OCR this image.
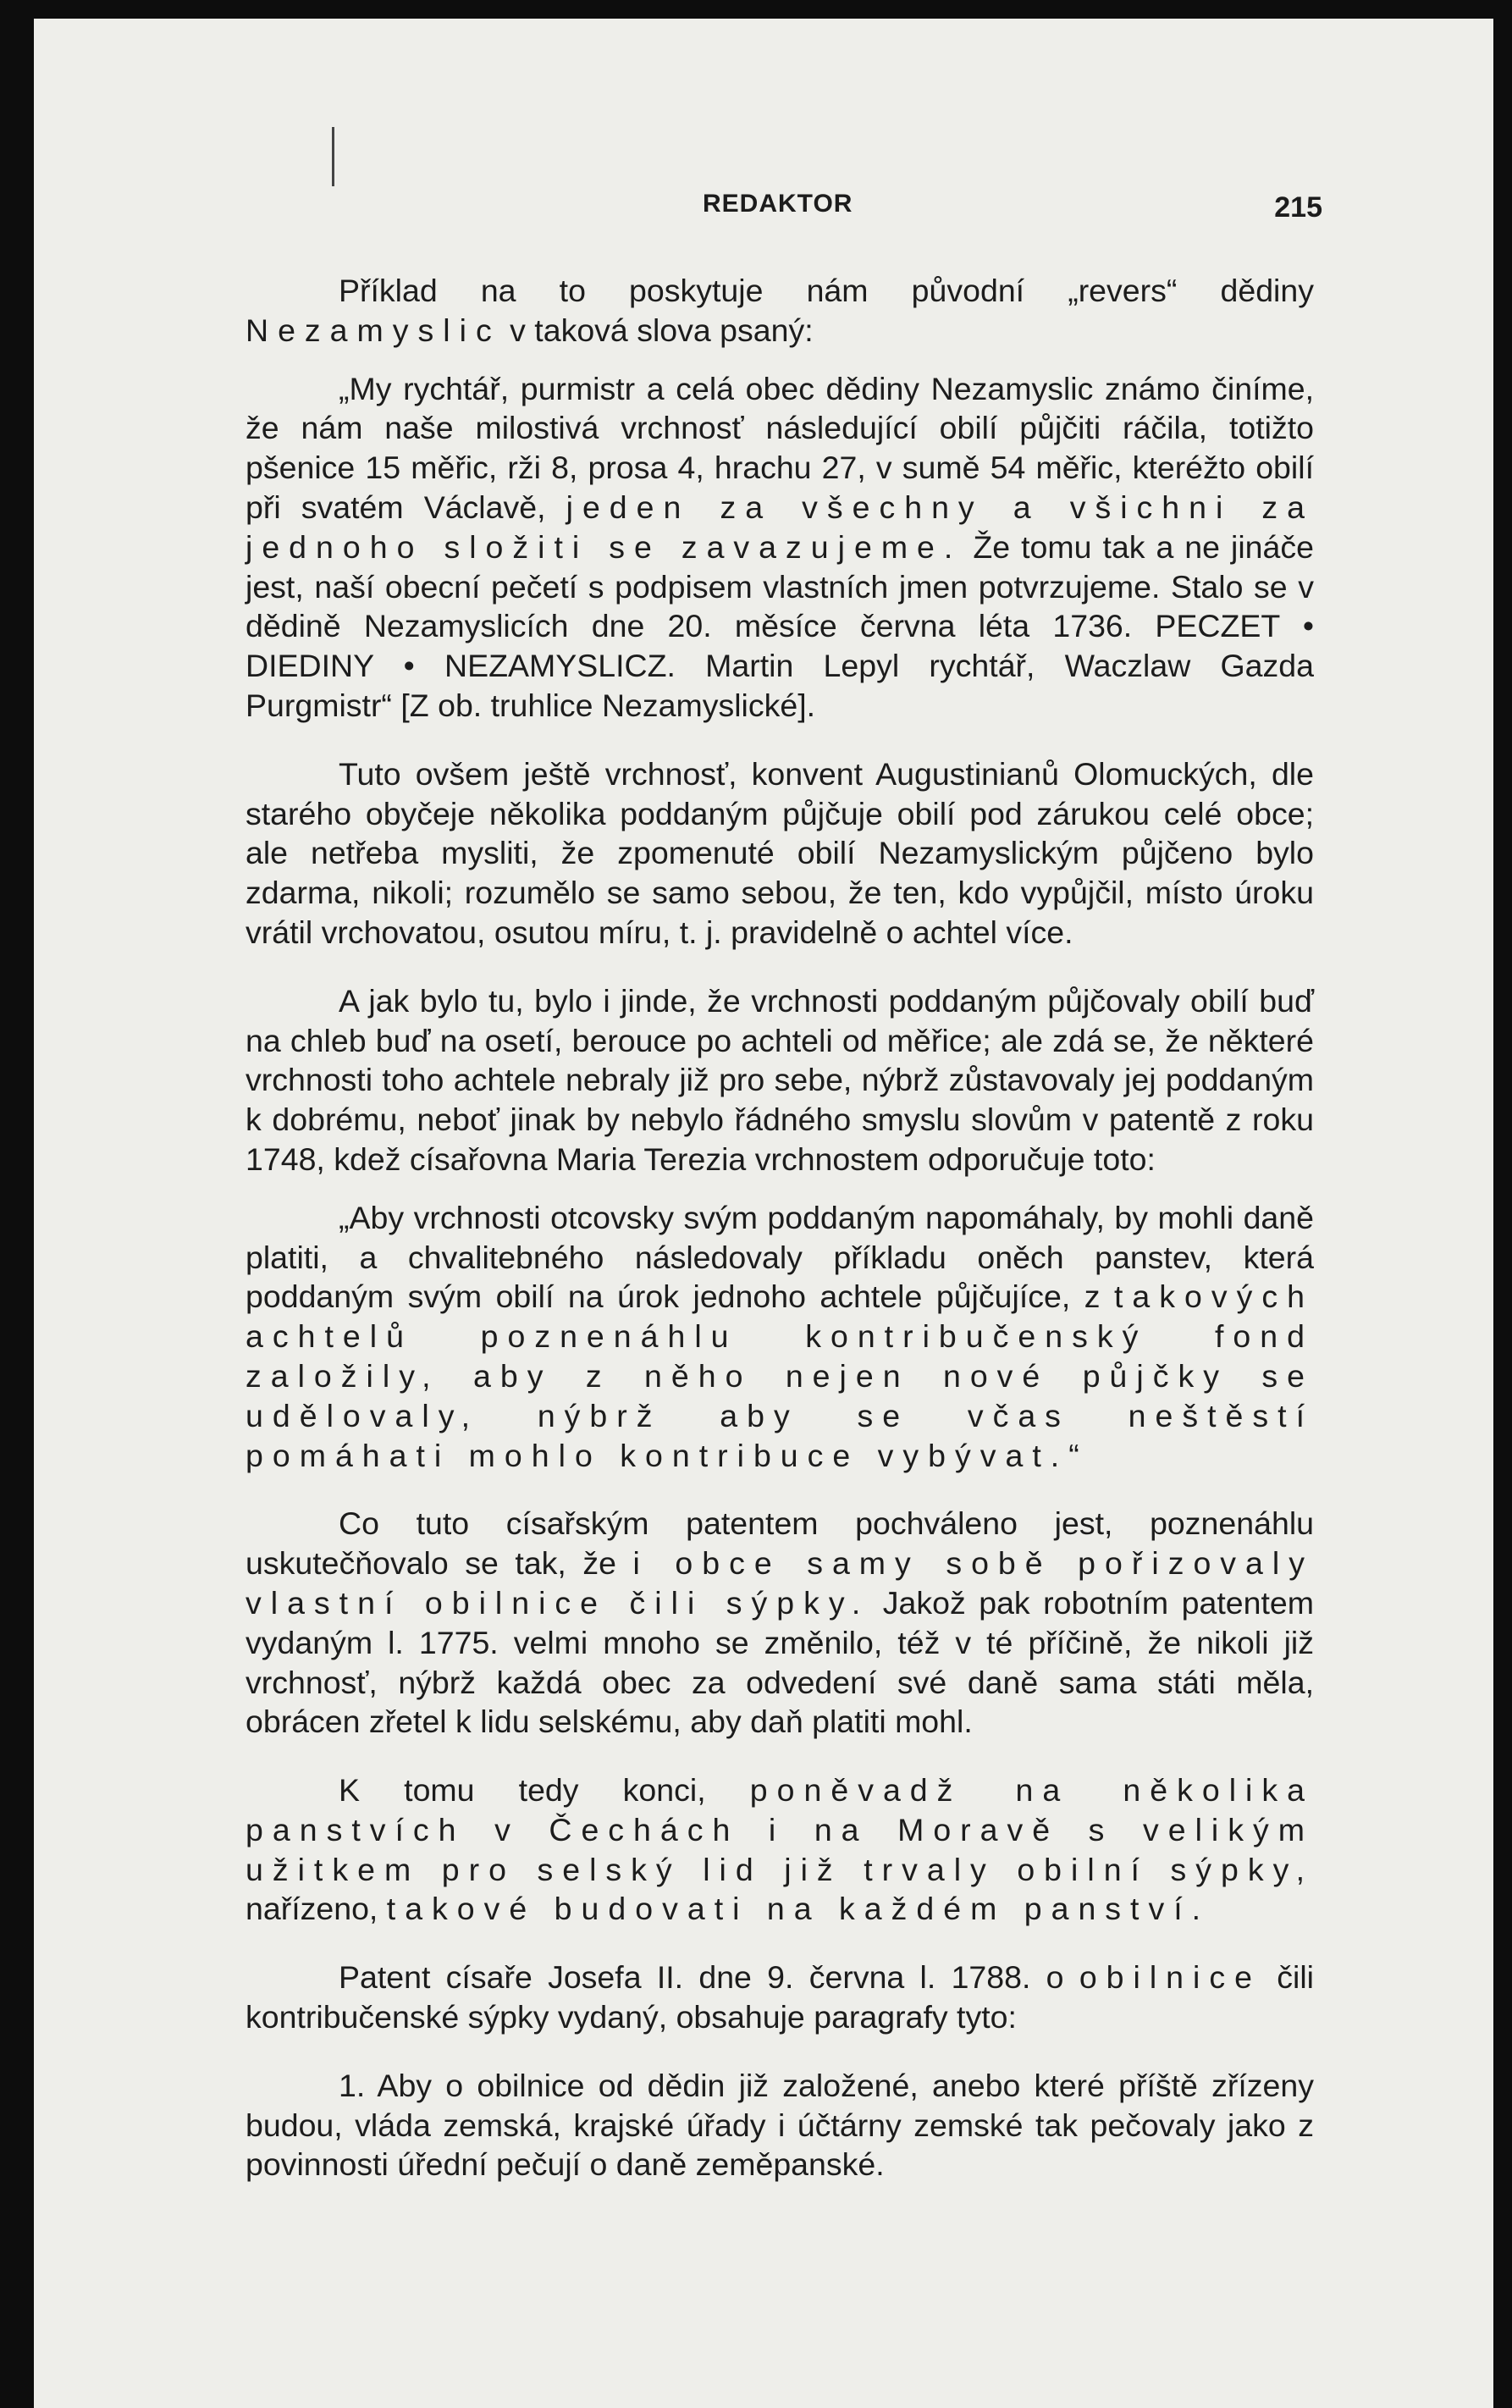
REDAKTOR	215

Příklad na to poskytuje nám původní „revers“ dědiny Nezamyslic v taková slova psaný:

„My rychtář, purmistr a celá obec dědiny Nezamyslic známo činíme, že nám naše milostivá vrchnosť následující obilí půjčiti ráčila, totižto pšenice 15 měřic, rži 8, prosa 4, hrachu 27, v sumě 54 měřic, kteréžto obilí při svatém Václavě, jeden za všechny a všichni za jednoho složiti se zavazujeme. Že tomu tak a ne jináče jest, naší obecní pečetí s podpisem vlastních jmen potvrzujeme. Stalo se v dědině Nezamyslicích dne 20. měsíce června léta 1736. PECZET • DIEDINY • NEZAMYSLICZ. Martin Lepyl rychtář, Waczlaw Gazda Purgmistr“ [Z ob. truhlice Nezamyslické].

Tuto ovšem ještě vrchnosť, konvent Augustinianů Olomuckých, dle starého obyčeje několika poddaným půjčuje obilí pod zárukou celé obce; ale netřeba mysliti, že zpomenuté obilí Nezamyslickým půjčeno bylo zdarma, nikoli; rozumělo se samo sebou, že ten, kdo vypůjčil, místo úroku vrátil vrchovatou, osutou míru, t. j. pravidelně o achtel více.

A jak bylo tu, bylo i jinde, že vrchnosti poddaným půjčovaly obilí buď na chleb buď na osetí, berouce po achteli od měřice; ale zdá se, že některé vrchnosti toho achtele nebraly již pro sebe, nýbrž zůstavovaly jej poddaným k dobrému, neboť jinak by nebylo řádného smyslu slovům v patentě z roku 1748, kdež císařovna Maria Terezia vrchnostem odporučuje toto:

„Aby vrchnosti otcovsky svým poddaným napomáhaly, by mohli daně platiti, a chvalitebného následovaly příkladu oněch panstev, která poddaným svým obilí na úrok jednoho achtele půjčujíce, z takových achtelů poznenáhlu kontribučenský fond založily, aby z něho nejen nové půjčky se udělovaly, nýbrž aby se včas neštěstí pomáhati mohlo kontribuce vybývat.“

Co tuto císařským patentem pochváleno jest, poznenáhlu uskutečňovalo se tak, že i obce samy sobě pořizovaly vlastní obilnice čili sýpky. Jakož pak robotním patentem vydaným l. 1775. velmi mnoho se změnilo, též v té příčině, že nikoli již vrchnosť, nýbrž každá obec za odvedení své daně sama státi měla, obrácen zřetel k lidu selskému, aby daň platiti mohl.

K tomu tedy konci, poněvadž na několika panstvích v Čechách i na Moravě s velikým užitkem pro selský lid již trvaly obilní sýpky, nařízeno, takové budovati na každém panství.

Patent císaře Josefa II. dne 9. června l. 1788. o obilnice čili kontribučenské sýpky vydaný, obsahuje paragrafy tyto:

1. Aby o obilnice od dědin již založené, anebo které příště zřízeny budou, vláda zemská, krajské úřady i účtárny zemské tak pečovaly jako z povinnosti úřední pečují o daně zeměpanské.
